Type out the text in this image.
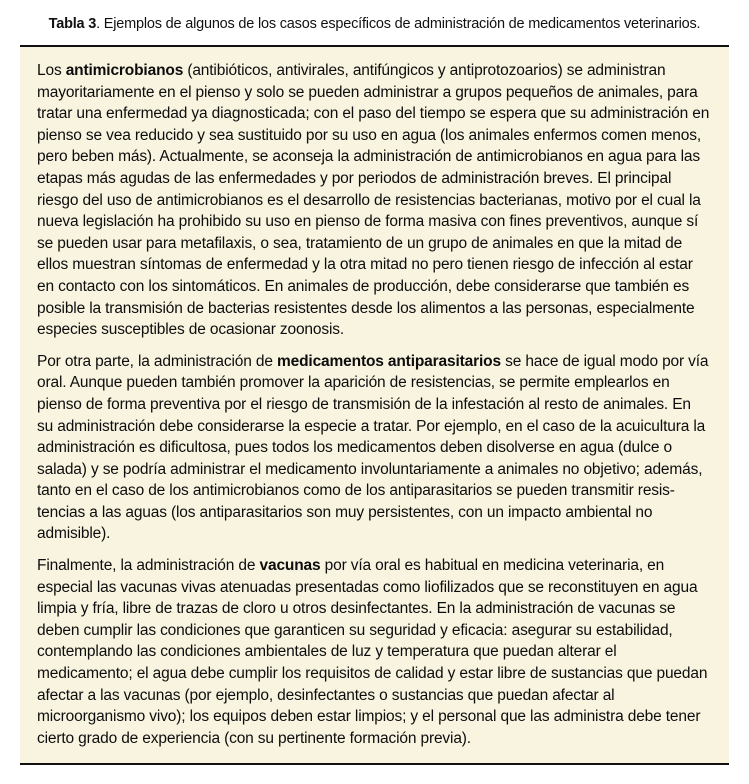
Tabla 3. Ejemplos de algunos de los casos específicos de administración de medicamentos veterinarios.

Los antimicrobianos (antibióticos, antivirales, antifúngicos y antiprotozoarios) se administran mayoritariamente en el pienso y solo se pueden administrar a grupos pequeños de animales, para tratar una enfermedad ya diagnosticada; con el paso del tiempo se espera que su administración en pienso se vea reducido y sea sustituido por su uso en agua (los animales enfermos comen menos, pero beben más). Actualmente, se aconseja la administración de antimicrobianos en agua para las etapas más agudas de las enfermedades y por periodos de administración breves. El principal riesgo del uso de antimicrobianos es el desarrollo de resistencias bacterianas, motivo por el cual la nueva legislación ha prohibido su uso en pienso de forma masiva con fines preventivos, aunque sí se pueden usar para metafilaxis, o sea, tratamiento de un grupo de animales en que la mitad de ellos muestran síntomas de enfermedad y la otra mitad no pero tienen riesgo de infección al estar en contacto con los sintomáticos. En animales de producción, debe considerarse que también es posible la transmisión de bacterias resistentes desde los alimentos a las personas, especialmente especies susceptibles de ocasionar zoonosis.

Por otra parte, la administración de medicamentos antiparasitarios se hace de igual modo por vía oral. Aunque pueden también promover la aparición de resistencias, se permite emplearlos en pienso de forma preventiva por el riesgo de transmisión de la infestación al resto de animales. En su administración debe considerarse la especie a tratar. Por ejemplo, en el caso de la acuicultura la administración es dificultosa, pues todos los medicamentos deben disolverse en agua (dulce o salada) y se podría administrar el medicamento involuntariamente a animales no objetivo; además, tanto en el caso de los antimicrobianos como de los antiparasitarios se pueden transmitir resis-tencias a las aguas (los antiparasitarios son muy persistentes, con un impacto ambiental no admisible).

Finalmente, la administración de vacunas por vía oral es habitual en medicina veterinaria, en especial las vacunas vivas atenuadas presentadas como liofilizados que se reconstituyen en agua limpia y fría, libre de trazas de cloro u otros desinfectantes. En la administración de vacunas se deben cumplir las condiciones que garanticen su seguridad y eficacia: asegurar su estabilidad, contemplando las condiciones ambientales de luz y temperatura que puedan alterar el medicamento; el agua debe cumplir los requisitos de calidad y estar libre de sustancias que puedan afectar a las vacunas (por ejemplo, desinfectantes o sustancias que puedan afectar al microorganismo vivo); los equipos deben estar limpios; y el personal que las administra debe tener cierto grado de experiencia (con su pertinente formación previa).
